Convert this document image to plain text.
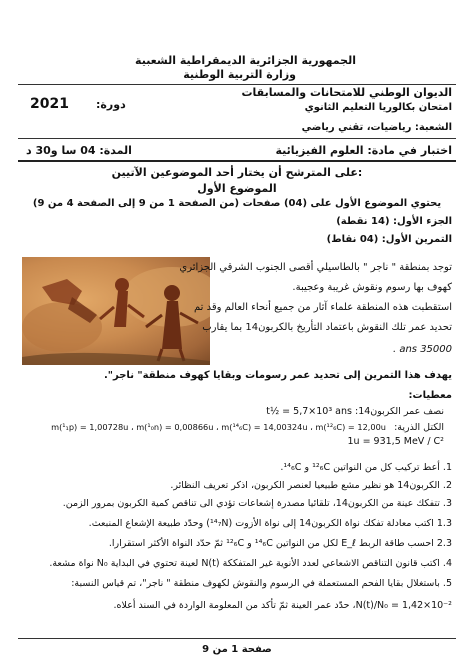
الجمهورية الجزائرية الديمقراطية الشعبية
وزارة التربية الوطنية
الديوان الوطني للامتحانات والمسابقات
امتحان بكالوريا التعليم الثانوي
2021 دورة:
الشعبة: رياضيات، تقني رياضي
اختبار في مادة: العلوم الفيزيائية
المدة: 04 سا و30 د
على المترشح أن يختار أحد الموضوعين الآتيين:
الموضوع الأول
يحتوي الموضوع الأول على (04) صفحات (من الصفحة 1 من 9 إلى الصفحة 4 من 9)
الجزء الأول: (14 نقطة)
التمرين الأول: (04 نقاط)
توجد بمنطقة " ناجر " بالطاسيلي أقصى الجنوب الشرقي الجزائري
كهوف بها رسوم ونقوش غريبة وعجيبة.
استقطبت هذه المنطقة علماء آثار من جميع أنحاء العالم وقد تم
تحديد عمر تلك النقوش باعتماد التأريخ بالكربون14 بما يقارب
35000 ans .
يهدف هذا التمرين إلى تحديد عمر رسومات وبقايا كهوف منطقة" ناجر".
معطيات:
نصف عمر الكربون14: t½ = 5,7×10³ ans
الكتل الذرية:
m(¹₁p) = 1,00728u ، m(¹₀n) = 0,00866u ، m(¹⁴₆C) = 14,00324u ، m(¹²₆C) = 12,00u
1u = 931,5 MeV / C²
1. أعط تركيب كل من النواتين ¹²₆C و ¹⁴₆C.
2. الكربون14 هو نظير مشع طبيعيا لعنصر الكربون، اذكر تعريف النظائر.
3. تتفكك عينة من الكربون14، تلقائيا مصدرة إشعاعات تؤدي الى تناقص كمية الكربون بمرور الزمن.
1.3 اكتب معادلة تفكك نواة الكربون14 إلى نواة الأزوت (¹⁴₇N) وحدّد طبيعة الإشعاع المنبعث.
2.3 احسب طاقة الربط E_ℓ لكل من النواتين ¹⁴₆C و ¹²₆C ثمّ حدّد النواة الأكثر استقرارا.
4. اكتب قانون التناقص الاشعاعي لعدد الأنوية غير المتفككة N(t) لعينة تحتوي في البداية N₀ نواة مشعة.
5. باستغلال بقايا الفحم المستعملة في الرسوم والنقوش لكهوف منطقة " ناجر"، تم قياس النسبة:
N(t)/N₀ = 1,42×10⁻²، حدّد عمر العينة ثمّ تأكد من المعلومة الواردة في السند أعلاه.
صفحة 1 من 9
